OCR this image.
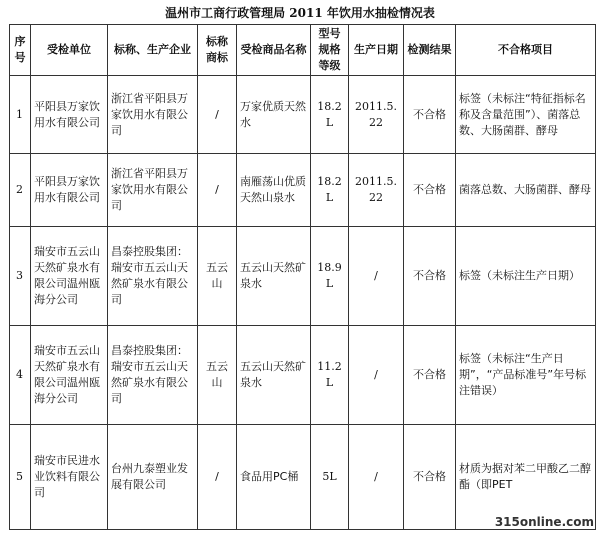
温州市工商行政管理局 2011 年饮用水抽检情况表
序号	受检单位	标称、生产企业	标称商标	受检商品名称	型号规格等级	生产日期	检测结果	不合格项目
1	平阳县万家饮用水有限公司	浙江省平阳县万家饮用水有限公司	/	万家优质天然水	18.2L	2011.5.22	不合格	标签（未标注“特征指标名称及含量范围”）、菌落总数、大肠菌群、酵母
2	平阳县万家饮用水有限公司	浙江省平阳县万家饮用水有限公司	/	南雁荡山优质天然山泉水	18.2L	2011.5.22	不合格	菌落总数、大肠菌群、酵母
3	瑞安市五云山天然矿泉水有限公司温州瓯海分公司	昌泰控股集团：瑞安市五云山天然矿泉水有限公司	五云山	五云山天然矿泉水	18.9L	/	不合格	标签（未标注生产日期）
4	瑞安市五云山天然矿泉水有限公司温州瓯海分公司	昌泰控股集团：瑞安市五云山天然矿泉水有限公司	五云山	五云山天然矿泉水	11.2L	/	不合格	标签（未标注“生产日期”，“产品标准号”年号标注错误）
5	瑞安市民进水业饮料有限公司	台州九泰塑业发展有限公司	/	食品用PC桶	5L	/	不合格	材质为据对苯二甲酸乙二醇酯（即PET
315online.com
